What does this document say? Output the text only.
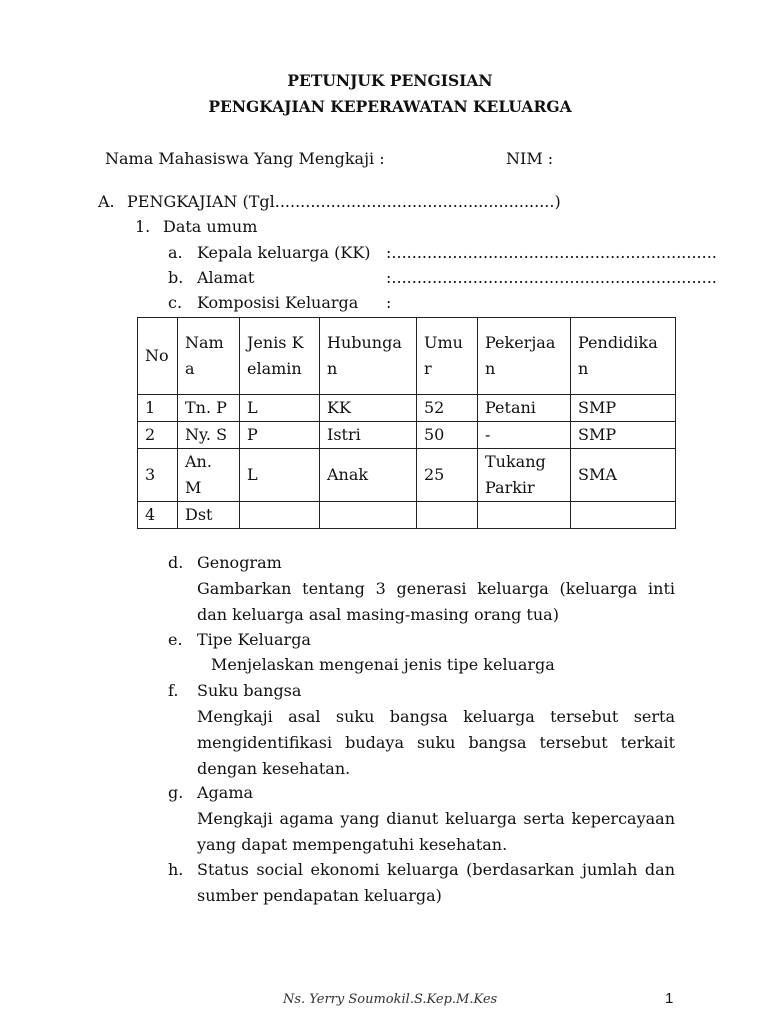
PETUNJUK PENGISIAN
PENGKAJIAN KEPERAWATAN KELUARGA
Nama Mahasiswa Yang Mengkaji :	NIM :
A. PENGKAJIAN (Tgl.......................................................)
1. Data umum
a. Kepala keluarga (KK) :................................................................
b. Alamat	:................................................................
c. Komposisi Keluarga :
No	Nama	Jenis Kelamin	Hubungan	Umur	Pekerjaan	Pendidikan
1	Tn. P	L	KK	52	Petani	SMP
2	Ny. S	P	Istri	50	-	SMP
3	An. M	L	Anak	25	Tukang Parkir	SMA
4	Dst					
d. Genogram
Gambarkan tentang 3 generasi keluarga (keluarga inti dan keluarga asal masing-masing orang tua)
e. Tipe Keluarga
Menjelaskan mengenai jenis tipe keluarga
f. Suku bangsa
Mengkaji asal suku bangsa keluarga tersebut serta mengidentifikasi budaya suku bangsa tersebut terkait dengan kesehatan.
g. Agama
Mengkaji agama yang dianut keluarga serta kepercayaan yang dapat mempengatuhi kesehatan.
h. Status social ekonomi keluarga (berdasarkan jumlah dan sumber pendapatan keluarga)
Ns. Yerry Soumokil.S.Kep.M.Kes	1
